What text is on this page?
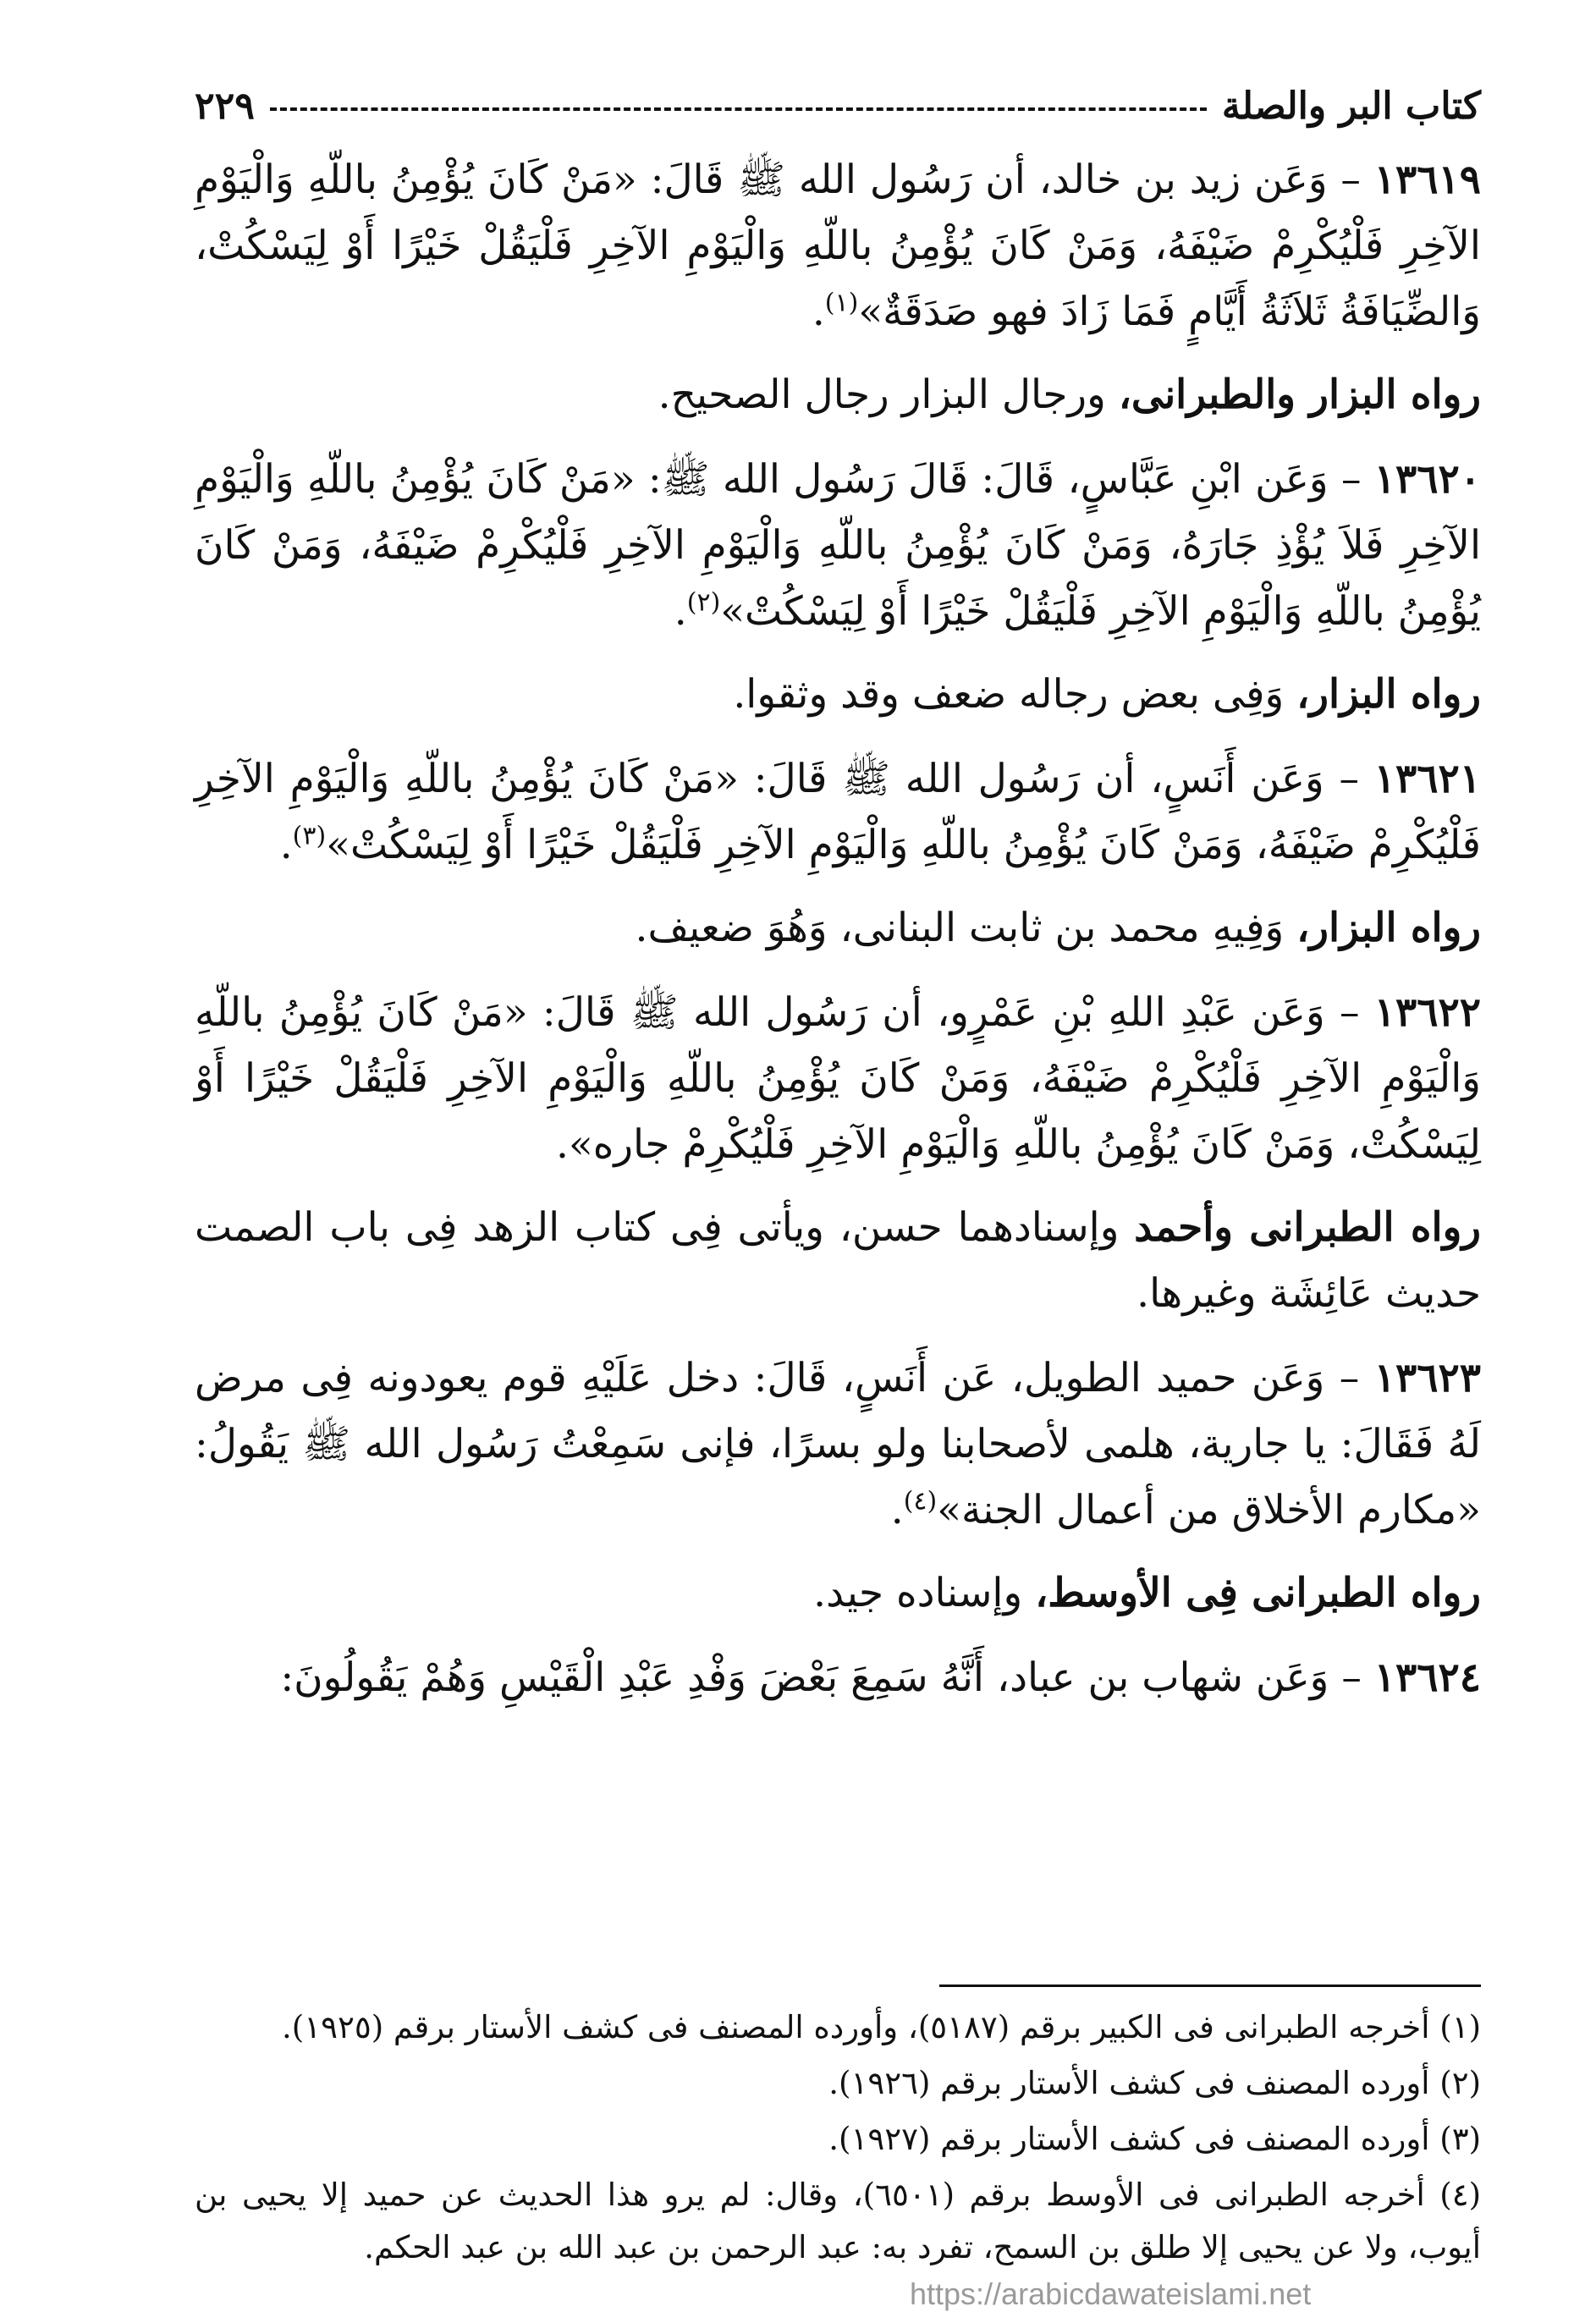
كتاب البر والصلة
٢٢٩

١٣٦١٩ – وَعَن زيد بن خالد، أن رَسُول الله ﷺ قَالَ: «مَنْ كَانَ يُؤْمِنُ باللّهِ وَالْيَوْمِ الآخِرِ فَلْيُكْرِمْ ضَيْفَهُ، وَمَنْ كَانَ يُؤْمِنُ باللّهِ وَالْيَوْمِ الآخِرِ فَلْيَقُلْ خَيْرًا أَوْ لِيَسْكُتْ، وَالضِّيَافَةُ ثَلاَثَةُ أَيَّامٍ فَمَا زَادَ فهو صَدَقَةٌ»$^{(١)}$.

رواه البزار والطبرانى، ورجال البزار رجال الصحيح.

١٣٦٢٠ – وَعَن ابْنِ عَبَّاسٍ، قَالَ: قَالَ رَسُول الله ﷺ: «مَنْ كَانَ يُؤْمِنُ باللّهِ وَالْيَوْمِ الآخِرِ فَلاَ يُؤْذِ جَارَهُ، وَمَنْ كَانَ يُؤْمِنُ باللّهِ وَالْيَوْمِ الآخِرِ فَلْيُكْرِمْ ضَيْفَهُ، وَمَنْ كَانَ يُؤْمِنُ باللّهِ وَالْيَوْمِ الآخِرِ فَلْيَقُلْ خَيْرًا أَوْ لِيَسْكُتْ»$^{(٢)}$.

رواه البزار، وَفِى بعض رجاله ضعف وقد وثقوا.

١٣٦٢١ – وَعَن أَنَسٍ، أن رَسُول الله ﷺ قَالَ: «مَنْ كَانَ يُؤْمِنُ باللّهِ وَالْيَوْمِ الآخِرِ فَلْيُكْرِمْ ضَيْفَهُ، وَمَنْ كَانَ يُؤْمِنُ باللّهِ وَالْيَوْمِ الآخِرِ فَلْيَقُلْ خَيْرًا أَوْ لِيَسْكُتْ»$^{(٣)}$.

رواه البزار، وَفِيهِ محمد بن ثابت البنانى، وَهُوَ ضعيف.

١٣٦٢٢ – وَعَن عَبْدِ اللهِ بْنِ عَمْرٍو، أن رَسُول الله ﷺ قَالَ: «مَنْ كَانَ يُؤْمِنُ باللّهِ وَالْيَوْمِ الآخِرِ فَلْيُكْرِمْ ضَيْفَهُ، وَمَنْ كَانَ يُؤْمِنُ باللّهِ وَالْيَوْمِ الآخِرِ فَلْيَقُلْ خَيْرًا أَوْ لِيَسْكُتْ، وَمَنْ كَانَ يُؤْمِنُ باللّهِ وَالْيَوْمِ الآخِرِ فَلْيُكْرِمْ جاره».

رواه الطبرانى وأحمد وإسنادهما حسن، ويأتى فِى كتاب الزهد فِى باب الصمت حديث عَائِشَة وغيرها.

١٣٦٢٣ – وَعَن حميد الطويل، عَن أَنَسٍ، قَالَ: دخل عَلَيْهِ قوم يعودونه فِى مرض لَهُ فَقَالَ: يا جارية، هلمى لأصحابنا ولو بسرًا، فإنى سَمِعْتُ رَسُول الله ﷺ يَقُولُ: «مكارم الأخلاق من أعمال الجنة»$^{(٤)}$.

رواه الطبرانى فِى الأوسط، وإسناده جيد.

١٣٦٢٤ – وَعَن شهاب بن عباد، أَنَّهُ سَمِعَ بَعْضَ وَفْدِ عَبْدِ الْقَيْسِ وَهُمْ يَقُولُونَ:

(١) أخرجه الطبرانى فى الكبير برقم (٥١٨٧)، وأورده المصنف فى كشف الأستار برقم (١٩٢٥).

(٢) أورده المصنف فى كشف الأستار برقم (١٩٢٦).

(٣) أورده المصنف فى كشف الأستار برقم (١٩٢٧).

(٤) أخرجه الطبرانى فى الأوسط برقم (٦٥٠١)، وقال: لم يرو هذا الحديث عن حميد إلا يحيى بن أيوب، ولا عن يحيى إلا طلق بن السمح، تفرد به: عبد الرحمن بن عبد الله بن عبد الحكم.

https://arabicdawateislami.net
